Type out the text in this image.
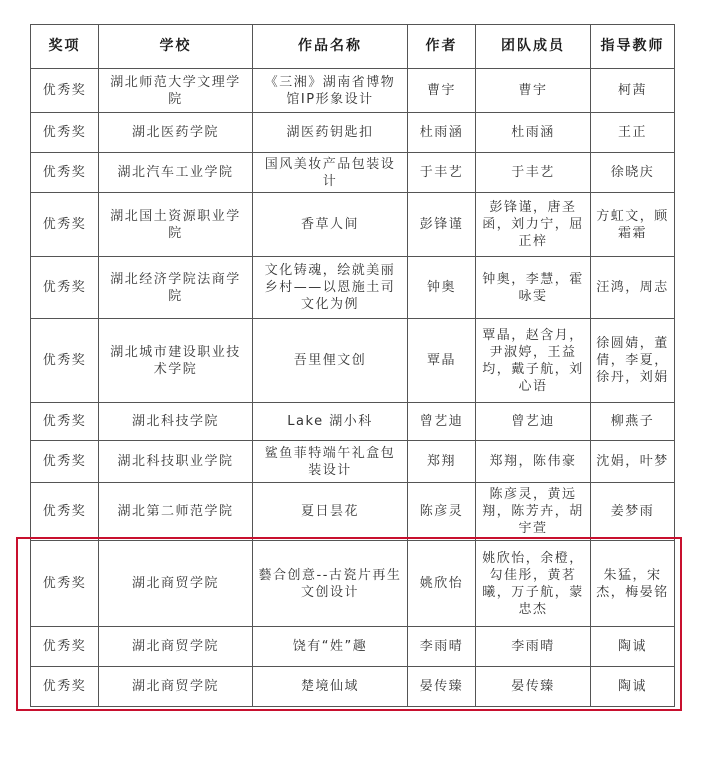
奖项	学校	作品名称	作者	团队成员	指导教师
优秀奖	湖北师范大学文理学院	《三湘》湖南省博物馆IP形象设计	曹宇	曹宇	柯茜
优秀奖	湖北医药学院	湖医药钥匙扣	杜雨涵	杜雨涵	王正
优秀奖	湖北汽车工业学院	国风美妆产品包装设计	于丰艺	于丰艺	徐晓庆
优秀奖	湖北国土资源职业学院	香草人间	彭锋谨	彭锋谨，唐圣函，刘力宁，屈正梓	方虹文，顾霜霜
优秀奖	湖北经济学院法商学院	文化铸魂，绘就美丽乡村——以恩施土司文化为例	钟奥	钟奥，李慧，霍咏雯	汪鸿，周志
优秀奖	湖北城市建设职业技术学院	吾里俚文创	覃晶	覃晶，赵含月，尹淑婷，王益均，戴子航，刘心语	徐圆婧，董倩，李夏，徐丹，刘娟
优秀奖	湖北科技学院	Lake 湖小科	曾艺迪	曾艺迪	柳燕子
优秀奖	湖北科技职业学院	鲨鱼菲特端午礼盒包装设计	郑翔	郑翔，陈伟豪	沈娟，叶梦
优秀奖	湖北第二师范学院	夏日昙花	陈彦灵	陈彦灵，黄远翔，陈芳卉，胡宇萱	姜梦雨
优秀奖	湖北商贸学院	藝合创意--古瓷片再生文创设计	姚欣怡	姚欣怡，余橙，勾佳彤，黄茗曦，万子航，蒙忠杰	朱猛，宋杰，梅晏铭
优秀奖	湖北商贸学院	饶有“姓”趣	李雨晴	李雨晴	陶诚
优秀奖	湖北商贸学院	楚境仙域	晏传臻	晏传臻	陶诚
